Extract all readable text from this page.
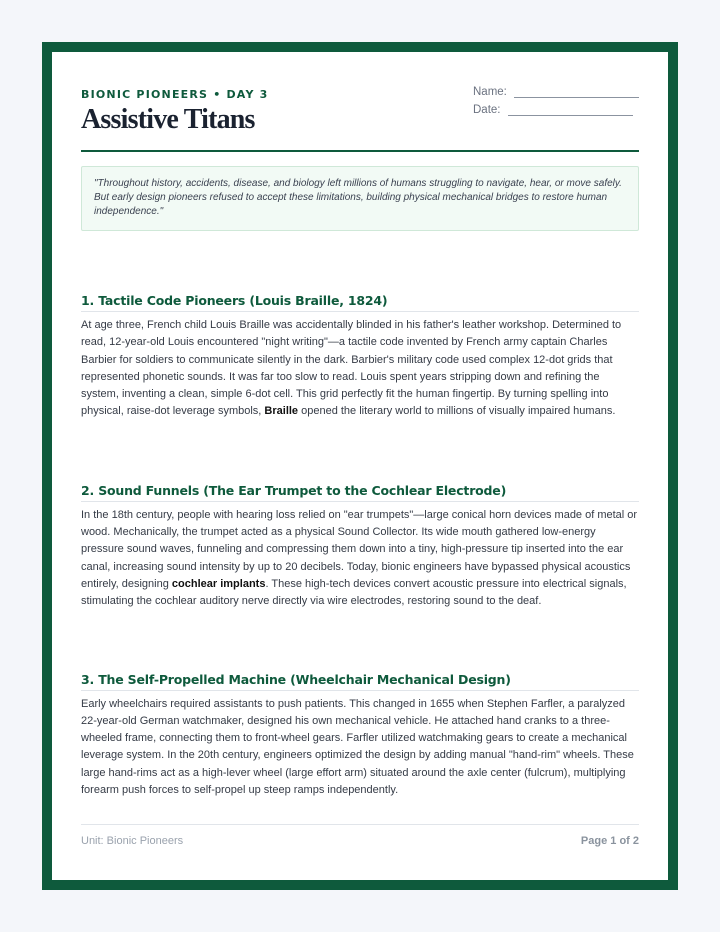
BIONIC PIONEERS • DAY 3
Assistive Titans
Name:
Date:
"Throughout history, accidents, disease, and biology left millions of humans struggling to navigate, hear, or move safely. But early design pioneers refused to accept these limitations, building physical mechanical bridges to restore human independence."
1. Tactile Code Pioneers (Louis Braille, 1824)

At age three, French child Louis Braille was accidentally blinded in his father's leather workshop. Determined to read, 12-year-old Louis encountered "night writing"—a tactile code invented by French army captain Charles Barbier for soldiers to communicate silently in the dark. Barbier's military code used complex 12-dot grids that represented phonetic sounds. It was far too slow to read. Louis spent years stripping down and refining the system, inventing a clean, simple 6-dot cell. This grid perfectly fit the human fingertip. By turning spelling into physical, raise-dot leverage symbols, Braille opened the literary world to millions of visually impaired humans.

2. Sound Funnels (The Ear Trumpet to the Cochlear Electrode)

In the 18th century, people with hearing loss relied on "ear trumpets"—large conical horn devices made of metal or wood. Mechanically, the trumpet acted as a physical Sound Collector. Its wide mouth gathered low-energy pressure sound waves, funneling and compressing them down into a tiny, high-pressure tip inserted into the ear canal, increasing sound intensity by up to 20 decibels. Today, bionic engineers have bypassed physical acoustics entirely, designing cochlear implants. These high-tech devices convert acoustic pressure into electrical signals, stimulating the cochlear auditory nerve directly via wire electrodes, restoring sound to the deaf.

3. The Self-Propelled Machine (Wheelchair Mechanical Design)

Early wheelchairs required assistants to push patients. This changed in 1655 when Stephen Farfler, a paralyzed 22-year-old German watchmaker, designed his own mechanical vehicle. He attached hand cranks to a three-wheeled frame, connecting them to front-wheel gears. Farfler utilized watchmaking gears to create a mechanical leverage system. In the 20th century, engineers optimized the design by adding manual "hand-rim" wheels. These large hand-rims act as a high-lever wheel (large effort arm) situated around the axle center (fulcrum), multiplying forearm push forces to self-propel up steep ramps independently.

Unit: Bionic Pioneers	Page 1 of 2
